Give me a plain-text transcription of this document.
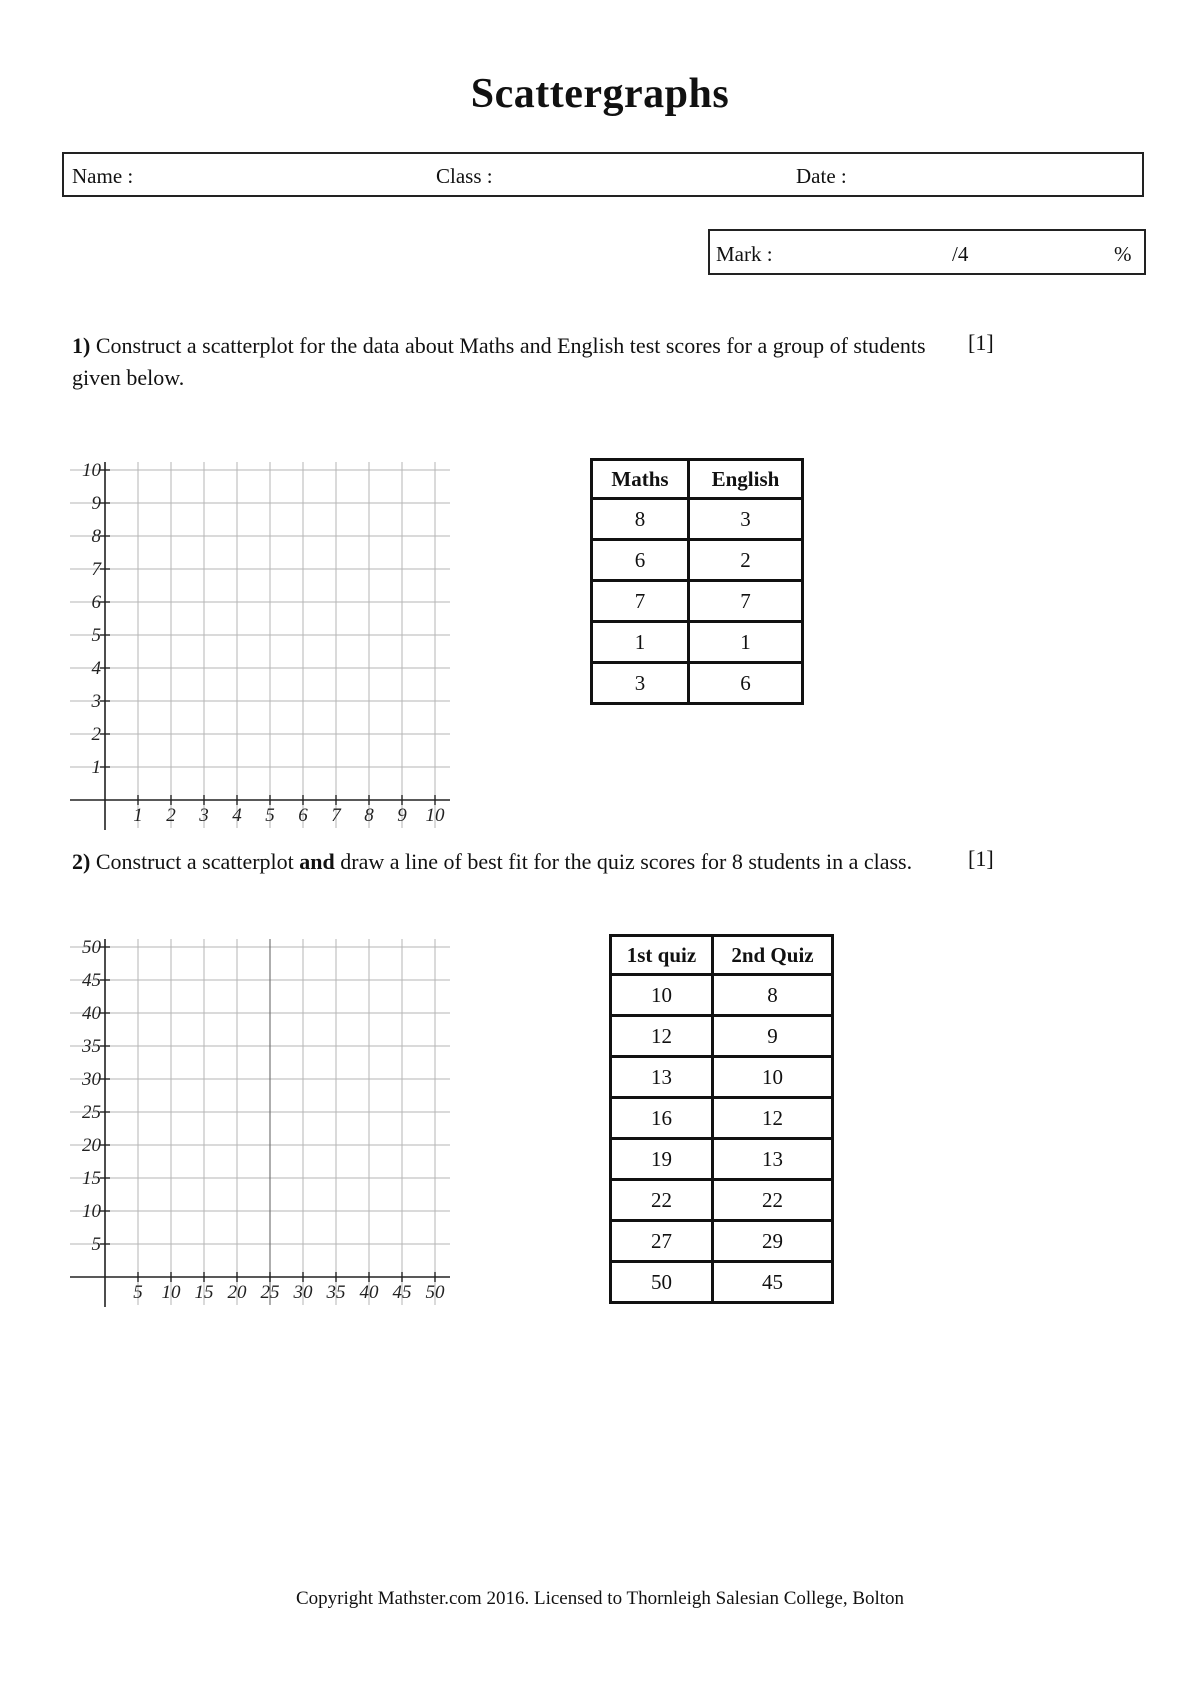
Scattergraphs
Name :	Class :	Date :
Mark :	/4	%
1) Construct a scatterplot for the data about Maths and English test scores for a group of students given below.
[1]
1 2 3 4 5 6 7 8 9 10
1
2
3
4
5
6
7
8
9
10	Maths	English
8	3
6	2
7	7
1	1
3	6
2) Construct a scatterplot and draw a line of best fit for the quiz scores for 8 students in a class.	[1]
5 10 15 20 25 30 35 40 45 50
5
10
15
20
25
30
35
40
45
50	1st quiz	2nd Quiz
10	8
12	9
13	10
16	12
19	13
22	22
27	29
50	45
Copyright Mathster.com 2016. Licensed to Thornleigh Salesian College, Bolton
